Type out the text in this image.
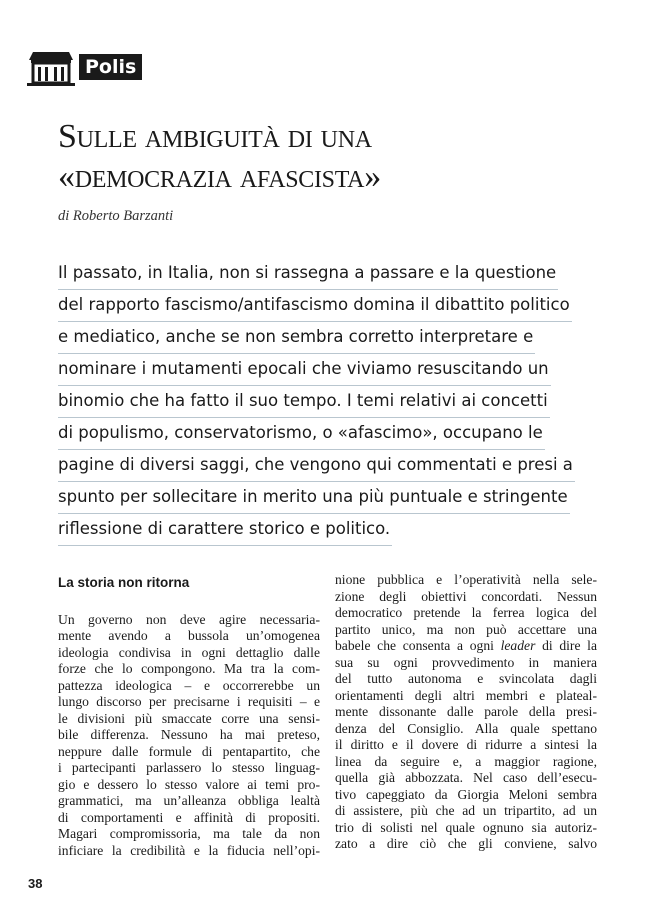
Polis
Sulle ambiguità di una
«democrazia afascista»
di Roberto Barzanti
Il passato, in Italia, non si rassegna a passare e la questione
del rapporto fascismo/antifascismo domina il dibattito politico
e mediatico, anche se non sembra corretto interpretare e
nominare i mutamenti epocali che viviamo resuscitando un
binomio che ha fatto il suo tempo. I temi relativi ai concetti
di populismo, conservatorismo, o «afascimo», occupano le
pagine di diversi saggi, che vengono qui commentati e presi a
spunto per sollecitare in merito una più puntuale e stringente
riflessione di carattere storico e politico.
La storia non ritorna
Un governo non deve agire necessaria-
mente avendo a bussola un’omogenea
ideologia condivisa in ogni dettaglio dalle
forze che lo compongono. Ma tra la com-
pattezza ideologica – e occorrerebbe un
lungo discorso per precisarne i requisiti – e
le divisioni più smaccate corre una sensi-
bile differenza. Nessuno ha mai preteso,
neppure dalle formule di pentapartito, che
i partecipanti parlassero lo stesso linguag-
gio e dessero lo stesso valore ai temi pro-
grammatici, ma un’alleanza obbliga lealtà
di comportamenti e affinità di propositi.
Magari compromissoria, ma tale da non
inficiare la credibilità e la fiducia nell’opi-
nione pubblica e l’operatività nella sele-
zione degli obiettivi concordati. Nessun
democratico pretende la ferrea logica del
partito unico, ma non può accettare una
babele che consenta a ogni leader di dire la
sua su ogni provvedimento in maniera
del tutto autonoma e svincolata dagli
orientamenti degli altri membri e plateal-
mente dissonante dalle parole della presi-
denza del Consiglio. Alla quale spettano
il diritto e il dovere di ridurre a sintesi la
linea da seguire e, a maggior ragione,
quella già abbozzata. Nel caso dell’esecu-
tivo capeggiato da Giorgia Meloni sembra
di assistere, più che ad un tripartito, ad un
trio di solisti nel quale ognuno sia autoriz-
zato a dire ciò che gli conviene, salvo
38
